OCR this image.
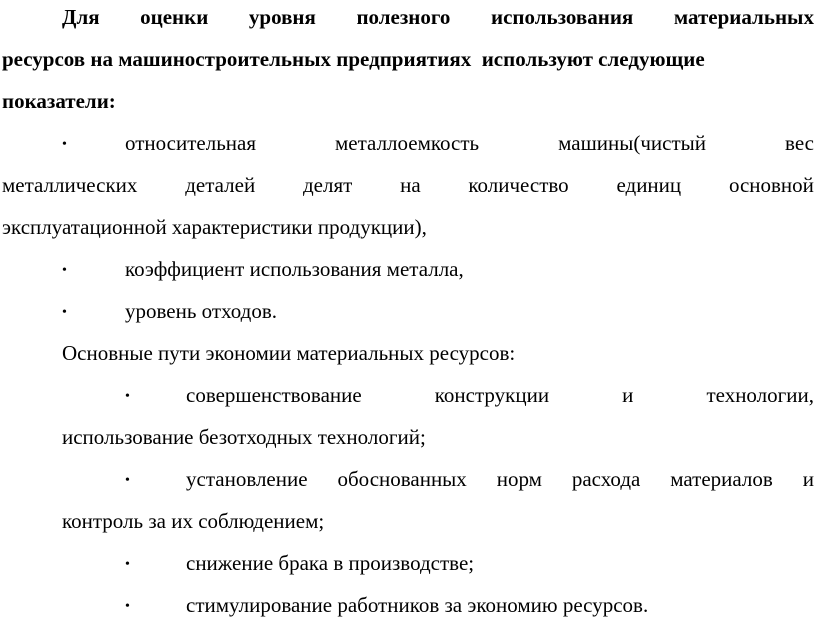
Для оценки уровня полезного использования материальных
ресурсов на машиностроительных предприятиях  используют следующие
показатели:
•	относительная	металлоемкость	машины(чистый	вес
металлических деталей делят на количество единиц основной
эксплуатационной характеристики продукции),
•	коэффициент использования металла,
•	уровень отходов.
Основные пути экономии материальных ресурсов:
•	совершенствование	конструкции	и	технологии,
использование безотходных технологий;
•	установление обоснованных норм расхода материалов и
контроль за их соблюдением;
•	снижение брака в производстве;
•	стимулирование работников за экономию ресурсов.
